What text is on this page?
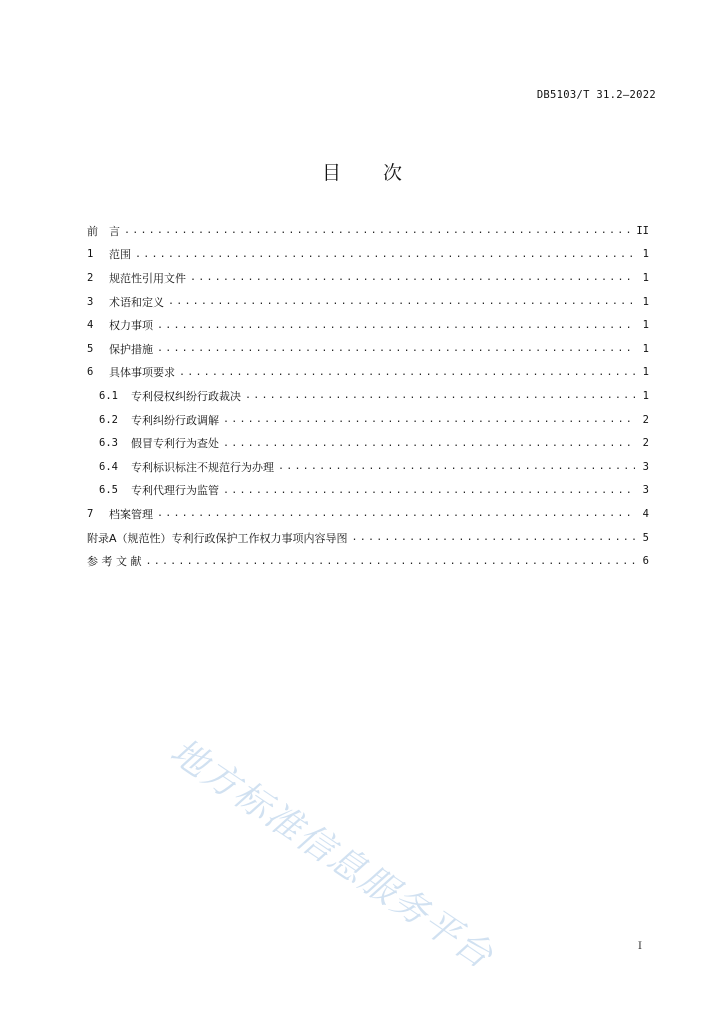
DB5103/T 31.2—2022
目 次
前　言 .....	II
1	范围 .....	1
2	规范性引用文件 .....	1
3	术语和定义 .....	1
4	权力事项 .....	1
5	保护措施 .....	1
6	具体事项要求 .....	1
6.1	专利侵权纠纷行政裁决 .....	1
6.2	专利纠纷行政调解 .....	2
6.3	假冒专利行为查处 .....	2
6.4	专利标识标注不规范行为办理 .....	3
6.5	专利代理行为监管 .....	3
7	档案管理 .....	4
附录A（规范性）专利行政保护工作权力事项内容导图 .....	5
参 考 文 献 .....	6
地方标准信息服务平台	I
